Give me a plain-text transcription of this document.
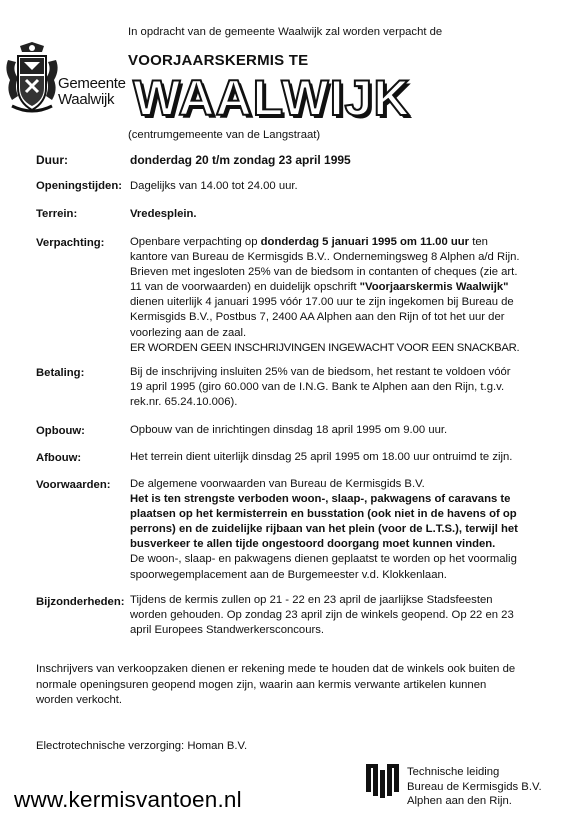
Gemeente
Waalwijk
In opdracht van de gemeente Waalwijk zal worden verpacht de
VOORJAARSKERMIS TE
WAALWIJK
(centrumgemeente van de Langstraat)
Duur:	donderdag 20 t/m zondag 23 april 1995
Openingstijden: Dagelijks van 14.00 tot 24.00 uur.
Terrein:	Vredesplein.
Verpachting: Openbare verpachting op donderdag 5 januari 1995 om 11.00 uur ten
kantore van Bureau de Kermisgids B.V.. Ondernemingsweg 8 Alphen a/d Rijn.
Brieven met ingesloten 25% van de biedsom in contanten of cheques (zie art.
11 van de voorwaarden) en duidelijk opschrift "Voorjaarskermis Waalwijk"
dienen uiterlijk 4 januari 1995 vóór 17.00 uur te zijn ingekomen bij Bureau de
Kermisgids B.V., Postbus 7, 2400 AA Alphen aan den Rijn of tot het uur der
voorlezing aan de zaal.
ER WORDEN GEEN INSCHRIJVINGEN INGEWACHT VOOR EEN SNACKBAR.
Betaling:	Bij de inschrijving insluiten 25% van de biedsom, het restant te voldoen vóór
19 april 1995 (giro 60.000 van de I.N.G. Bank te Alphen aan den Rijn, t.g.v.
rek.nr. 65.24.10.006).
Opbouw:	Opbouw van de inrichtingen dinsdag 18 april 1995 om 9.00 uur.
Afbouw:	Het terrein dient uiterlijk dinsdag 25 april 1995 om 18.00 uur ontruimd te zijn.
Voorwaarden: De algemene voorwaarden van Bureau de Kermisgids B.V.
Het is ten strengste verboden woon-, slaap-, pakwagens of caravans te
plaatsen op het kermisterrein en busstation (ook niet in de havens of op
perrons) en de zuidelijke rijbaan van het plein (voor de L.T.S.), terwijl het
busverkeer te allen tijde ongestoord doorgang moet kunnen vinden.
De woon-, slaap- en pakwagens dienen geplaatst te worden op het voormalig
spoorwegemplacement aan de Burgemeester v.d. Klokkenlaan.
Bijzonderheden: Tijdens de kermis zullen op 21 - 22 en 23 april de jaarlijkse Stadsfeesten
worden gehouden. Op zondag 23 april zijn de winkels geopend. Op 22 en 23
april Europees Standwerkersconcours.
Inschrijvers van verkoopzaken dienen er rekening mede te houden dat de winkels ook buiten de
normale openingsuren geopend mogen zijn, waarin aan kermis verwante artikelen kunnen
worden verkocht.
Electrotechnische verzorging: Homan B.V.
Technische leiding
Bureau de Kermisgids B.V.
Alphen aan den Rijn.
www.kermisvantoen.nl
